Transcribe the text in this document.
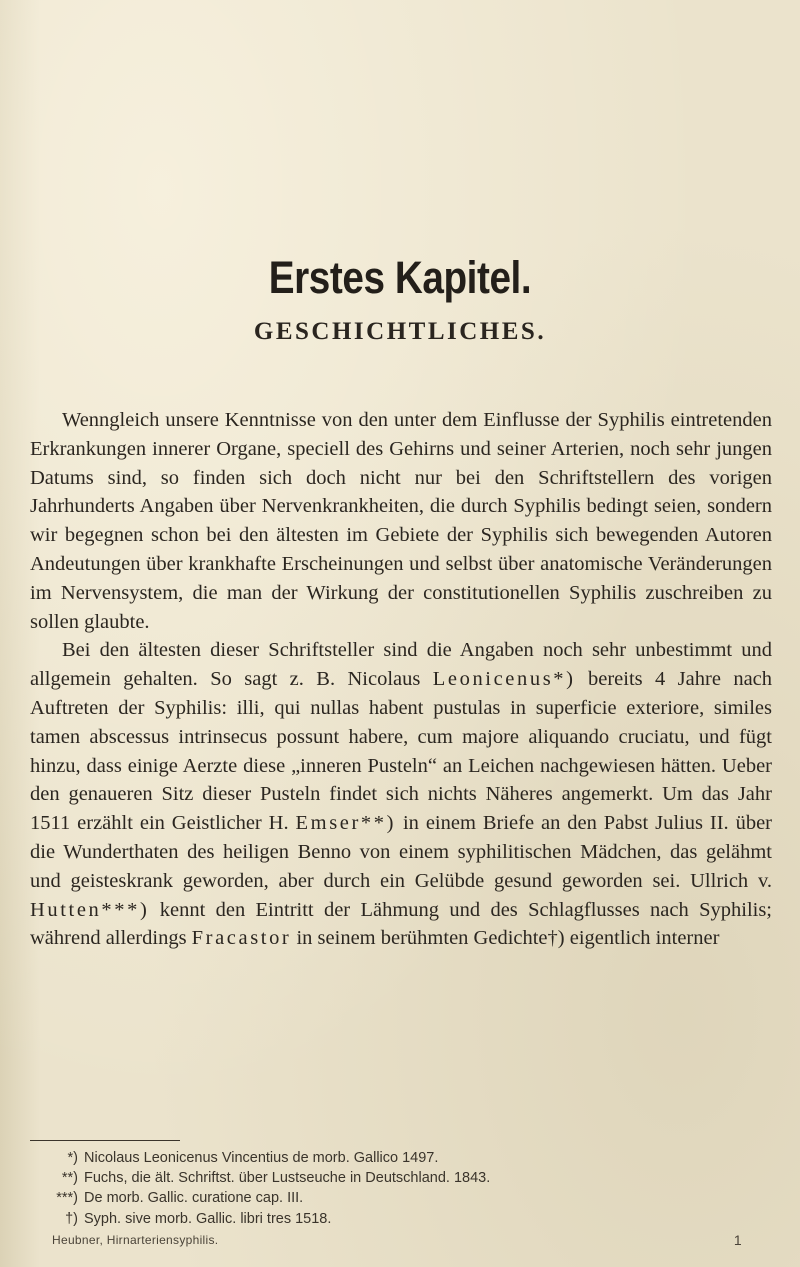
Erstes Kapitel.
GESCHICHTLICHES.

Wenngleich unsere Kenntnisse von den unter dem Einflusse der Syphilis eintretenden Erkrankungen innerer Organe, speciell des Gehirns und seiner Arterien, noch sehr jungen Datums sind, so finden sich doch nicht nur bei den Schriftstellern des vorigen Jahrhunderts Angaben über Nervenkrankheiten, die durch Syphilis bedingt seien, sondern wir begegnen schon bei den ältesten im Gebiete der Syphilis sich bewegenden Autoren Andeutungen über krankhafte Erscheinungen und selbst über anatomische Veränderungen im Nervensystem, die man der Wirkung der constitutionellen Syphilis zuschreiben zu sollen glaubte.

Bei den ältesten dieser Schriftsteller sind die Angaben noch sehr unbestimmt und allgemein gehalten. So sagt z. B. Nicolaus Leonicenus*) bereits 4 Jahre nach Auftreten der Syphilis: illi, qui nullas habent pustulas in superficie exteriore, similes tamen abscessus intrinsecus possunt habere, cum majore aliquando cruciatu, und fügt hinzu, dass einige Aerzte diese „inneren Pusteln“ an Leichen nachgewiesen hätten. Ueber den genaueren Sitz dieser Pusteln findet sich nichts Näheres angemerkt. Um das Jahr 1511 erzählt ein Geistlicher H. Emser**) in einem Briefe an den Pabst Julius II. über die Wunderthaten des heiligen Benno von einem syphilitischen Mädchen, das gelähmt und geisteskrank geworden, aber durch ein Gelübde gesund geworden sei. Ullrich v. Hutten***) kennt den Eintritt der Lähmung und des Schlagflusses nach Syphilis; während allerdings Fracastor in seinem berühmten Gedichte†) eigentlich interner

*) Nicolaus Leonicenus Vincentius de morb. Gallico 1497.
**) Fuchs, die ält. Schriftst. über Lustseuche in Deutschland. 1843.
***) De morb. Gallic. curatione cap. III.
†) Syph. sive morb. Gallic. libri tres 1518.
Heubner, Hirnarteriensyphilis.	1
